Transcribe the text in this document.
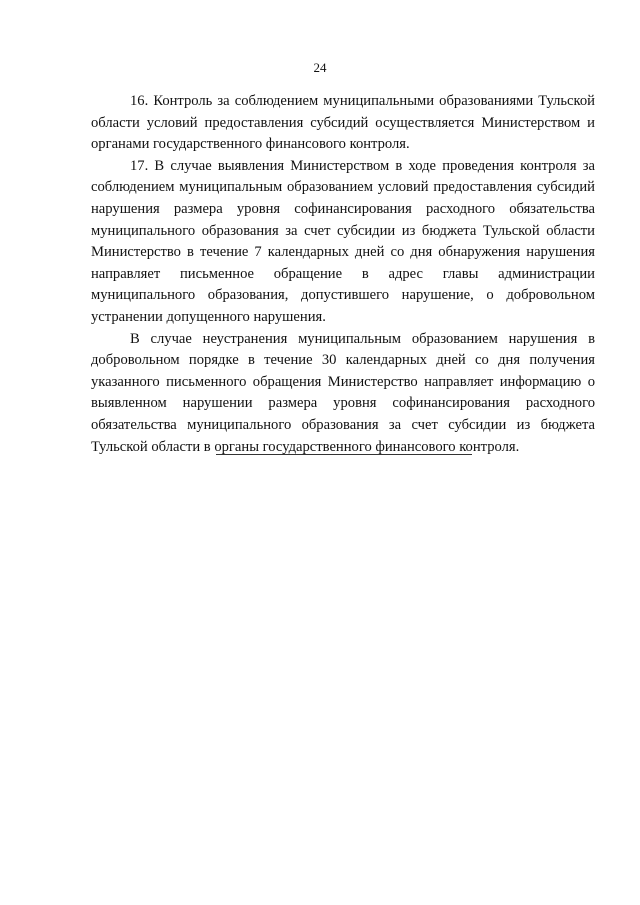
24

16. Контроль за соблюдением муниципальными образованиями Тульской области условий предоставления субсидий осуществляется Министерством и органами государственного финансового контроля.

17. В случае выявления Министерством в ходе проведения контроля за соблюдением муниципальным образованием условий предоставления субсидий нарушения размера уровня софинансирования расходного обязательства муниципального образования за счет субсидии из бюджета Тульской области Министерство в течение 7 календарных дней со дня обнаружения нарушения направляет письменное обращение в адрес главы администрации муниципального образования, допустившего нарушение, о добровольном устранении допущенного нарушения.

В случае неустранения муниципальным образованием нарушения в добровольном порядке в течение 30 календарных дней со дня получения указанного письменного обращения Министерство направляет информацию о выявленном нарушении размера уровня софинансирования расходного обязательства муниципального образования за счет субсидии из бюджета Тульской области в органы государственного финансового контроля.
